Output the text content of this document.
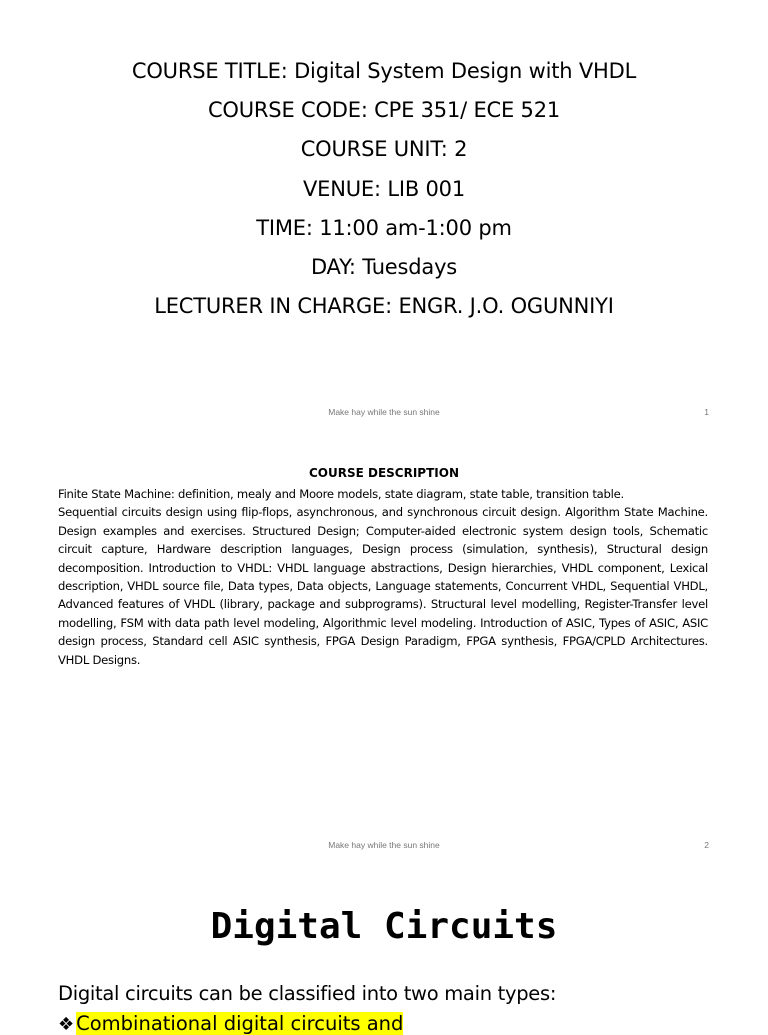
COURSE TITLE: Digital System Design with VHDL

COURSE CODE: CPE 351/ ECE 521

COURSE UNIT: 2

VENUE: LIB 001

TIME: 11:00 am-1:00 pm

DAY: Tuesdays

LECTURER IN CHARGE: ENGR. J.O. OGUNNIYI

Make hay while the sun shine	1
COURSE DESCRIPTION

Finite State Machine: definition, mealy and Moore models, state diagram, state table, transition table.

Sequential circuits design using flip-flops, asynchronous, and synchronous circuit design. Algorithm State Machine. Design examples and exercises. Structured Design; Computer-aided electronic system design tools, Schematic circuit capture, Hardware description languages, Design process (simulation, synthesis), Structural design decomposition. Introduction to VHDL: VHDL language abstractions, Design hierarchies, VHDL component, Lexical description, VHDL source file, Data types, Data objects, Language statements, Concurrent VHDL, Sequential VHDL, Advanced features of VHDL (library, package and subprograms). Structural level modelling, Register-Transfer level modelling, FSM with data path level modeling, Algorithmic level modeling. Introduction of ASIC, Types of ASIC, ASIC design process, Standard cell ASIC synthesis, FPGA Design Paradigm, FPGA synthesis, FPGA/CPLD Architectures. VHDL Designs.

Make hay while the sun shine	2
Digital Circuits
Digital circuits can be classified into two main types:
❖ Combinational digital circuits and
